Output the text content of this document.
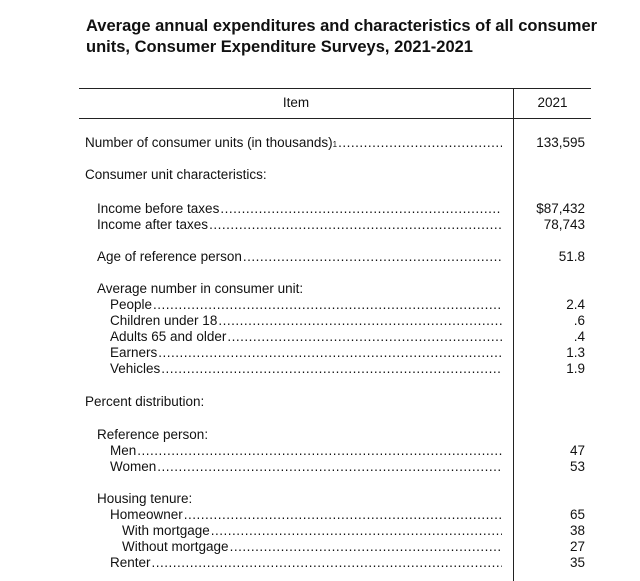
Average annual expenditures and characteristics of all consumer units, Consumer Expenditure Surveys, 2021-2021
Item	2021
Number of consumer units (in thousands) 1 .....	133,595
Consumer unit characteristics:
Income before taxes .....	$87,432
Income after taxes .....	78,743
Age of reference person .....	51.8
Average number in consumer unit:
People .....	2.4
Children under 18 .....	.6
Adults 65 and older .....	.4
Earners .....	1.3
Vehicles .....	1.9
Percent distribution:
Reference person:
Men .....	47
Women .....	53
Housing tenure:
Homeowner .....	65
With mortgage .....	38
Without mortgage .....	27
Renter .....	35
